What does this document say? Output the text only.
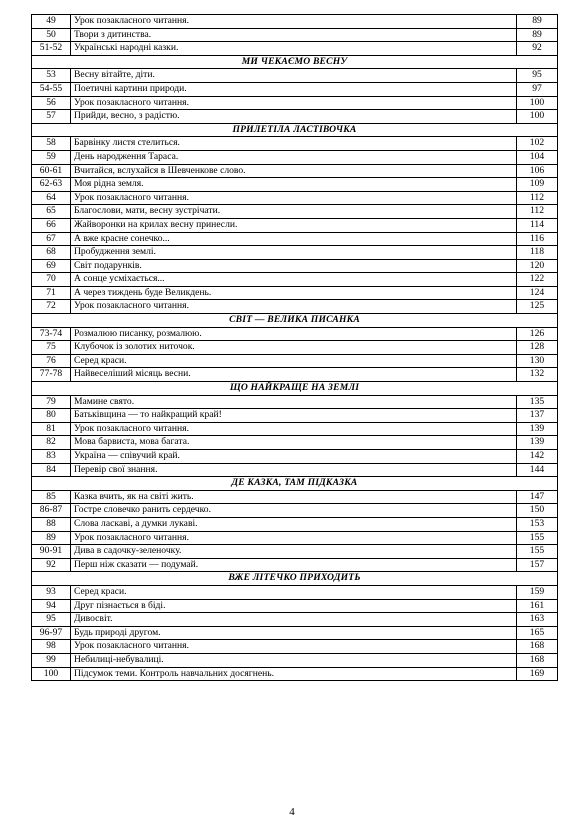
49	Урок позакласного читання.	89
50	Твори з дитинства.	89
51-52	Українські народні казки.	92
МИ ЧЕКАЄМО ВЕСНУ		
53	Весну вітайте, діти.	95
54-55	Поетичні картини природи.	97
56	Урок позакласного читання.	100
57	Прийди, весно, з радістю.	100
ПРИЛЕТІЛА ЛАСТІВОЧКА		
58	Барвінку листя стелиться.	102
59	День народження Тараса.	104
60-61	Вчитайся, вслухайся в Шевченкове слово.	106
62-63	Моя рідна земля.	109
64	Урок позакласного читання.	112
65	Благослови, мати, весну зустрічати.	112
66	Жайворонки на крилах весну принесли.	114
67	А вже красне сонечко...	116
68	Пробудження землі.	118
69	Світ подарунків.	120
70	А сонце усміхається...	122
71	А через тиждень буде Великдень.	124
72	Урок позакласного читання.	125
СВІТ — ВЕЛИКА ПИСАНКА		
73-74	Розмалюю писанку, розмалюю.	126
75	Клубочок із золотих ниточок.	128
76	Серед краси.	130
77-78	Найвеселіший місяць весни.	132
ЩО НАЙКРАЩЕ НА ЗЕМЛІ		
79	Мамине свято.	135
80	Батьківщина — то найкращий край!	137
81	Урок позакласного читання.	139
82	Мова барвиста, мова багата.	139
83	Україна — співучий край.	142
84	Перевір свої знання.	144
ДЕ КАЗКА, ТАМ ПІДКАЗКА		
85	Казка вчить, як на світі жить.	147
86-87	Гостре словечко ранить сердечко.	150
88	Слова ласкаві, а думки лукаві.	153
89	Урок позакласного читання.	155
90-91	Дива в садочку-зеленочку.	155
92	Перш ніж сказати — подумай.	157
ВЖЕ ЛІТЕЧКО ПРИХОДИТЬ		
93	Серед краси.	159
94	Друг пізнається в біді.	161
95	Дивосвіт.	163
96-97	Будь природі другом.	165
98	Урок позакласного читання.	168
99	Небилиці-небувалиці.	168
100	Підсумок теми. Контроль навчальних досягнень.	169
4
